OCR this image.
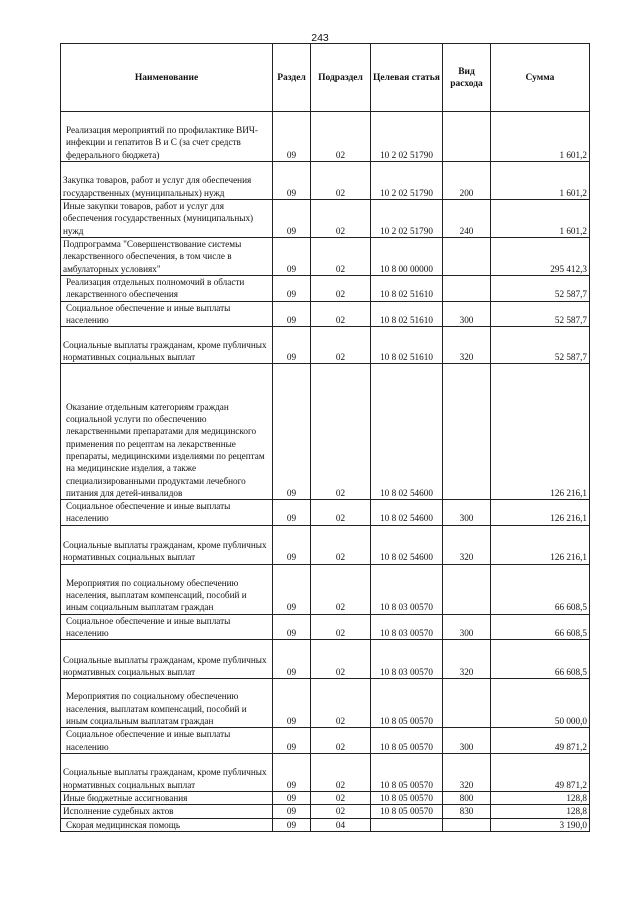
243
Наименование	Раздел	Подраздел	Целевая статья	Вид расхода	Сумма
Реализация мероприятий по профилактике ВИЧ-инфекции и гепатитов В и С (за счет средств федерального бюджета)	09	02	10 2 02 51790		1 601,2
Закупка товаров, работ и услуг для обеспечения государственных (муниципальных) нужд	09	02	10 2 02 51790	200	1 601,2
Иные закупки товаров, работ и услуг для обеспечения государственных (муниципальных) нужд	09	02	10 2 02 51790	240	1 601,2
Подпрограмма "Совершенствование системы лекарственного обеспечения, в том числе в амбулаторных условиях"	09	02	10 8 00 00000		295 412,3
Реализация отдельных полномочий в области лекарственного обеспечения	09	02	10 8 02 51610		52 587,7
Социальное обеспечение и иные выплаты населению	09	02	10 8 02 51610	300	52 587,7
Социальные выплаты гражданам, кроме публичных нормативных социальных выплат	09	02	10 8 02 51610	320	52 587,7
Оказание отдельным категориям граждан социальной услуги по обеспечению лекарственными препаратами для медицинского применения по рецептам на лекарственные препараты, медицинскими изделиями по рецептам на медицинские изделия, а также специализированными продуктами лечебного питания для детей-инвалидов	09	02	10 8 02 54600		126 216,1
Социальное обеспечение и иные выплаты населению	09	02	10 8 02 54600	300	126 216,1
Социальные выплаты гражданам, кроме публичных нормативных социальных выплат	09	02	10 8 02 54600	320	126 216,1
Мероприятия по социальному обеспечению населения, выплатам компенсаций, пособий и иным социальным выплатам граждан	09	02	10 8 03 00570		66 608,5
Социальное обеспечение и иные выплаты населению	09	02	10 8 03 00570	300	66 608,5
Социальные выплаты гражданам, кроме публичных нормативных социальных выплат	09	02	10 8 03 00570	320	66 608,5
Мероприятия по социальному обеспечению населения, выплатам компенсаций, пособий и иным социальным выплатам граждан	09	02	10 8 05 00570		50 000,0
Социальное обеспечение и иные выплаты населению	09	02	10 8 05 00570	300	49 871,2
Социальные выплаты гражданам, кроме публичных нормативных социальных выплат	09	02	10 8 05 00570	320	49 871,2
Иные бюджетные ассигнования	09	02	10 8 05 00570	800	128,8
Исполнение судебных актов	09	02	10 8 05 00570	830	128,8
Скорая медицинская помощь	09	04			3 190,0
